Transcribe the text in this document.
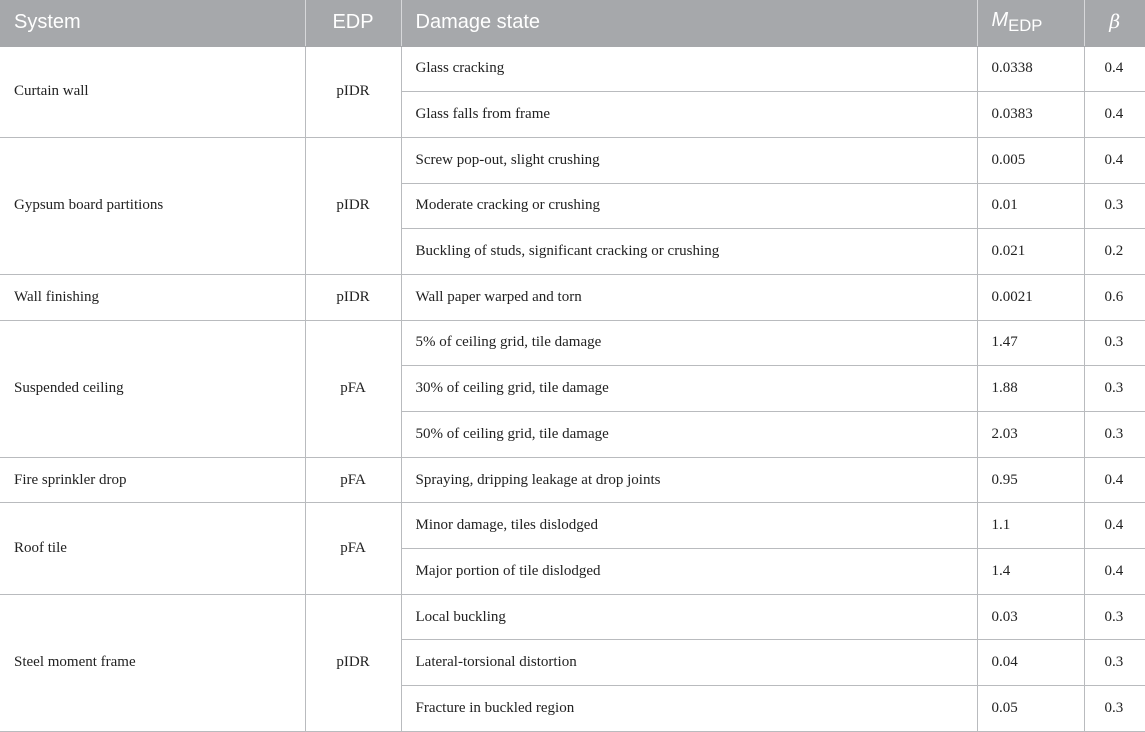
System	EDP	Damage state	$M_{EDP}$	β
Curtain wall	pIDR	Glass cracking	0.0338	0.4
		Glass falls from frame	0.0383	0.4
Gypsum board partitions	pIDR	Screw pop-out, slight crushing	0.005	0.4
		Moderate cracking or crushing	0.01	0.3
		Buckling of studs, significant cracking or crushing	0.021	0.2
Wall finishing	pIDR	Wall paper warped and torn	0.0021	0.6
Suspended ceiling	pFA	5% of ceiling grid, tile damage	1.47	0.3
		30% of ceiling grid, tile damage	1.88	0.3
		50% of ceiling grid, tile damage	2.03	0.3
Fire sprinkler drop	pFA	Spraying, dripping leakage at drop joints	0.95	0.4
Roof tile	pFA	Minor damage, tiles dislodged	1.1	0.4
		Major portion of tile dislodged	1.4	0.4
Steel moment frame	pIDR	Local buckling	0.03	0.3
		Lateral-torsional distortion	0.04	0.3
		Fracture in buckled region	0.05	0.3
